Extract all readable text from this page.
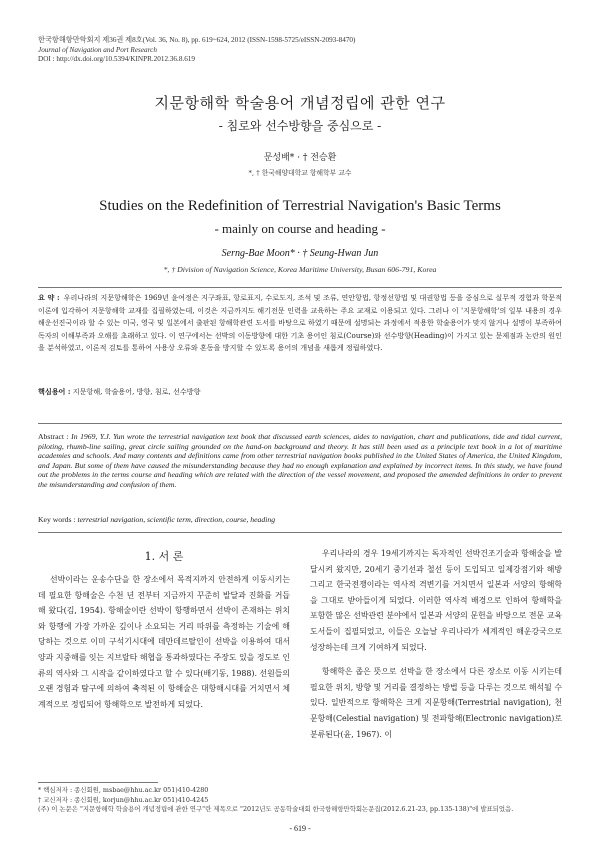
한국항해항만학회지 제36권 제8호(Vol. 36, No. 8), pp. 619~624, 2012 (ISSN-1598-5725/eISSN-2093-8470)
Journal of Navigation and Port Research
DOI : http://dx.doi.org/10.5394/KINPR.2012.36.8.619
지문항해학 학술용어 개념정립에 관한 연구
- 침로와 선수방향을 중심으로 -
문성배* · † 전승환
*, † 한국해양대학교 항해학부 교수
Studies on the Redefinition of Terrestrial Navigation's Basic Terms
- mainly on course and heading -
Serng-Bae Moon* · † Seung-Hwan Jun
*, † Division of Navigation Science, Korea Maritime University, Busan 606-791, Korea
요 약 : 우리나라의 지문항해학은 1969년 윤여정은 지구좌표, 항로표지, 수로도지, 조석 및 조류, 연안항법, 항정선항법 및 대권항법 등을 중심으로 실무적 경험과 학문적 이론에 입각하여 지문항해학 교재를 집필하였는데, 이것은 지금까지도 해기전문 인력을 교육하는 주요 교재로 이용되고 있다. 그러나 이 '지문항해학'의 일부 내용의 경우 해운선진국이라 할 수 있는 미국, 영국 및 일본에서 출판된 항해학관련 도서를 바탕으로 하였기 때문에 설명되는 과정에서 적용한 학술용어가 맞지 않거나 설명이 부족하여 독자의 이해부족과 오해를 초래하고 있다. 이 연구에서는 선박의 이동방향에 대한 기초 용어인 침로(Course)와 선수방향(Heading)이 가지고 있는 문제점과 논란의 원인을 분석하였고, 이론적 검토를 통하여 사용상 오류와 혼동을 방지할 수 있도록 용어의 개념을 새롭게 정립하였다.
핵심용어 : 지문항해, 학술용어, 방향, 침로, 선수방향
Abstract : In 1969, Y.J. Yun wrote the terrestrial navigation text book that discussed earth sciences, aides to navigation, chart and publications, tide and tidal current, piloting, rhumb-line sailing, great circle sailing grounded on the hand-on background and theory. It has still been used as a principle text book in a lot of maritime academies and schools. And many contents and definitions came from other terrestrial navigation books published in the United States of America, the United Kingdom, and Japan. But some of them have caused the misunderstanding because they had no enough explanation and explained by incorrect items. In this study, we have found out the problems in the terms course and heading which are related with the direction of the vessel movement, and proposed the amended definitions in order to prevent the misunderstanding and confusion of them.
Key words : terrestrial navigation, scientific term, direction, course, heading
1. 서 론

선박이라는 운송수단을 한 장소에서 목적지까지 안전하게 이동시키는데 필요한 항해술은 수천 년 전부터 지금까지 꾸준히 발달과 진화를 거듭해 왔다(김, 1954). 항해술이란 선박이 항행하면서 선박이 존재하는 위치와 항행에 가장 가까운 깊이나 소요되는 거리 따위를 측정하는 기술에 해당하는 것으로 이미 구석기시대에 데만데르탈인이 선박을 이용하여 대서양과 지중해를 잇는 지브랄타 해협을 통과하였다는 주장도 있을 정도로 인류의 역사와 그 시작을 같이하였다고 할 수 있다(배기동, 1988). 선원들의 오랜 경험과 탐구에 의하여 축적된 이 항해술은 대항해시대를 거치면서 체계적으로 정립되어 항해학으로 발전하게 되었다.

우리나라의 경우 19세기까지는 독자적인 선박건조기술과 항해술을 발달시켜 왔지만, 20세기 중기선과 철선 등이 도입되고 일제강점기와 해방 그리고 한국전쟁이라는 역사적 격변기를 거치면서 일본과 서양의 항해학을 그대로 받아들이게 되었다. 이러한 역사적 배경으로 인하여 항해학을 포함한 많은 선박관련 분야에서 일본과 서양의 문헌을 바탕으로 전문 교육도서들이 집필되었고, 이들은 오늘날 우리나라가 세계적인 해운강국으로 성장하는데 크게 기여하게 되었다.

항해학은 좁은 뜻으로 선박을 한 장소에서 다른 장소로 이동 시키는데 필요한 위치, 방향 및 거리를 결정하는 방법 등을 다루는 것으로 해석될 수 있다. 일반적으로 항해학은 크게 지문항해(Terrestrial navigation), 천문항해(Celestial navigation) 및 전파항해(Electronic navigation)로 분류된다(윤, 1967). 이

* 핵심저자 : 종신회원, msbae@hhu.ac.kr 051)410-4280
† 교신저자 : 종신회원, korjun@hhu.ac.kr 051)410-4245
(주) 이 논문은 "지문항해학 학술용어 개념정립에 관한 연구"란 제목으로 "2012년도 공동학술대회 한국항해항만학회논문집(2012.6.21-23, pp.135-138)"에 발표되었음.
- 619 -
